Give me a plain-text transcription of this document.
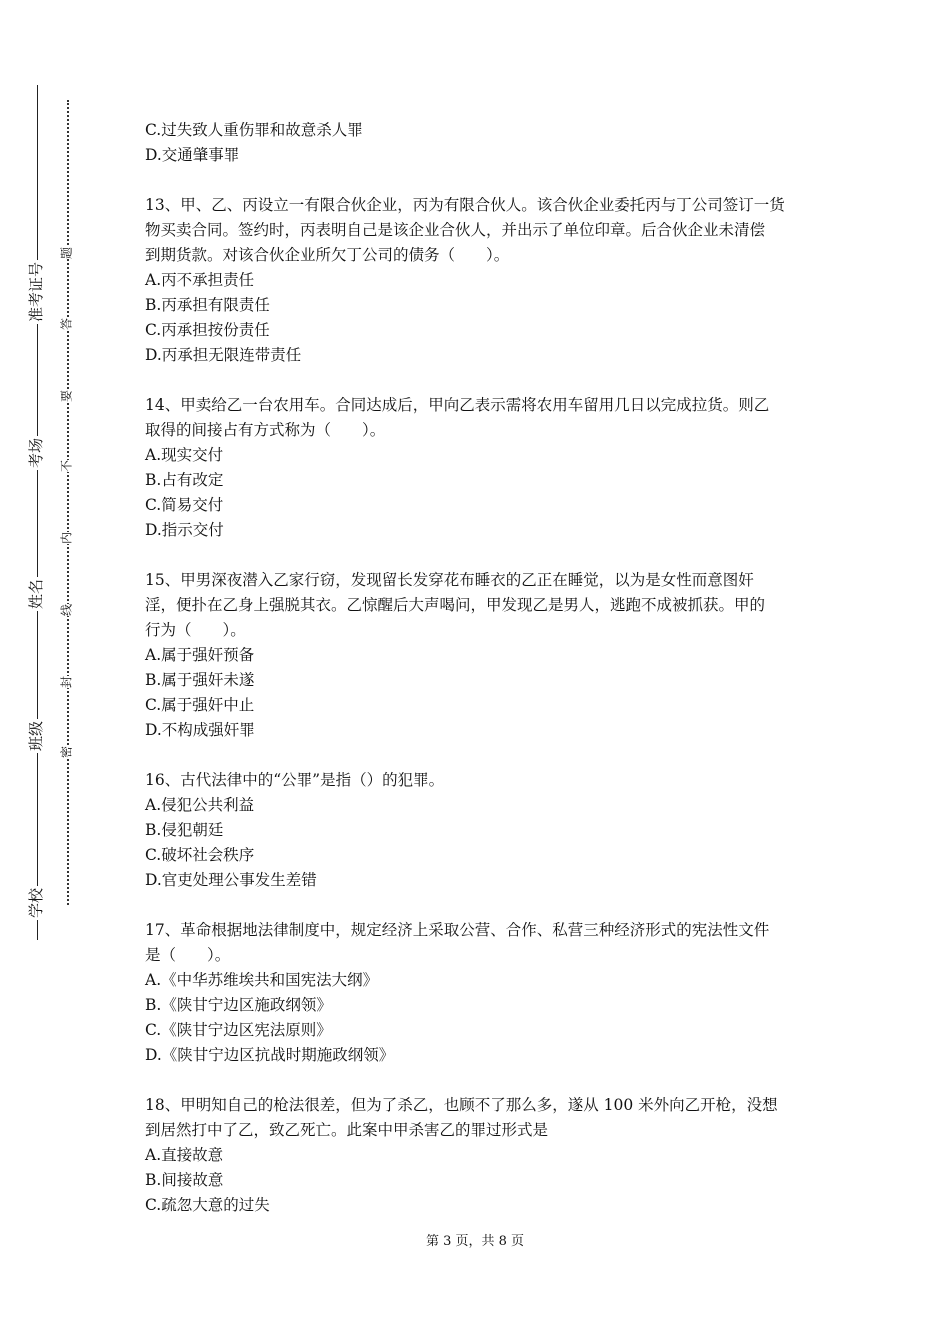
准考证号
考场
姓名
班级
学校
题
答
要
不
内
线
封
密
C.过失致人重伤罪和故意杀人罪
D.交通肇事罪
13、甲、乙、丙设立一有限合伙企业，丙为有限合伙人。该合伙企业委托丙与丁公司签订一货
物买卖合同。签约时，丙表明自己是该企业合伙人，并出示了单位印章。后合伙企业未清偿
到期货款。对该合伙企业所欠丁公司的债务（　　）。
A.丙不承担责任
B.丙承担有限责任
C.丙承担按份责任
D.丙承担无限连带责任
14、甲卖给乙一台农用车。合同达成后，甲向乙表示需将农用车留用几日以完成拉货。则乙
取得的间接占有方式称为（　　）。
A.现实交付
B.占有改定
C.简易交付
D.指示交付
15、甲男深夜潜入乙家行窃，发现留长发穿花布睡衣的乙正在睡觉，以为是女性而意图奸
淫，便扑在乙身上强脱其衣。乙惊醒后大声喝问，甲发现乙是男人，逃跑不成被抓获。甲的
行为（　　）。
A.属于强奸预备
B.属于强奸未遂
C.属于强奸中止
D.不构成强奸罪
16、古代法律中的“公罪”是指（）的犯罪。
A.侵犯公共利益
B.侵犯朝廷
C.破坏社会秩序
D.官吏处理公事发生差错
17、革命根据地法律制度中，规定经济上采取公营、合作、私营三种经济形式的宪法性文件
是（　　）。
A.《中华苏维埃共和国宪法大纲》
B.《陕甘宁边区施政纲领》
C.《陕甘宁边区宪法原则》
D.《陕甘宁边区抗战时期施政纲领》
18、甲明知自己的枪法很差，但为了杀乙，也顾不了那么多，遂从 100 米外向乙开枪，没想
到居然打中了乙，致乙死亡。此案中甲杀害乙的罪过形式是
A.直接故意
B.间接故意
C.疏忽大意的过失
第 3 页，共 8 页
